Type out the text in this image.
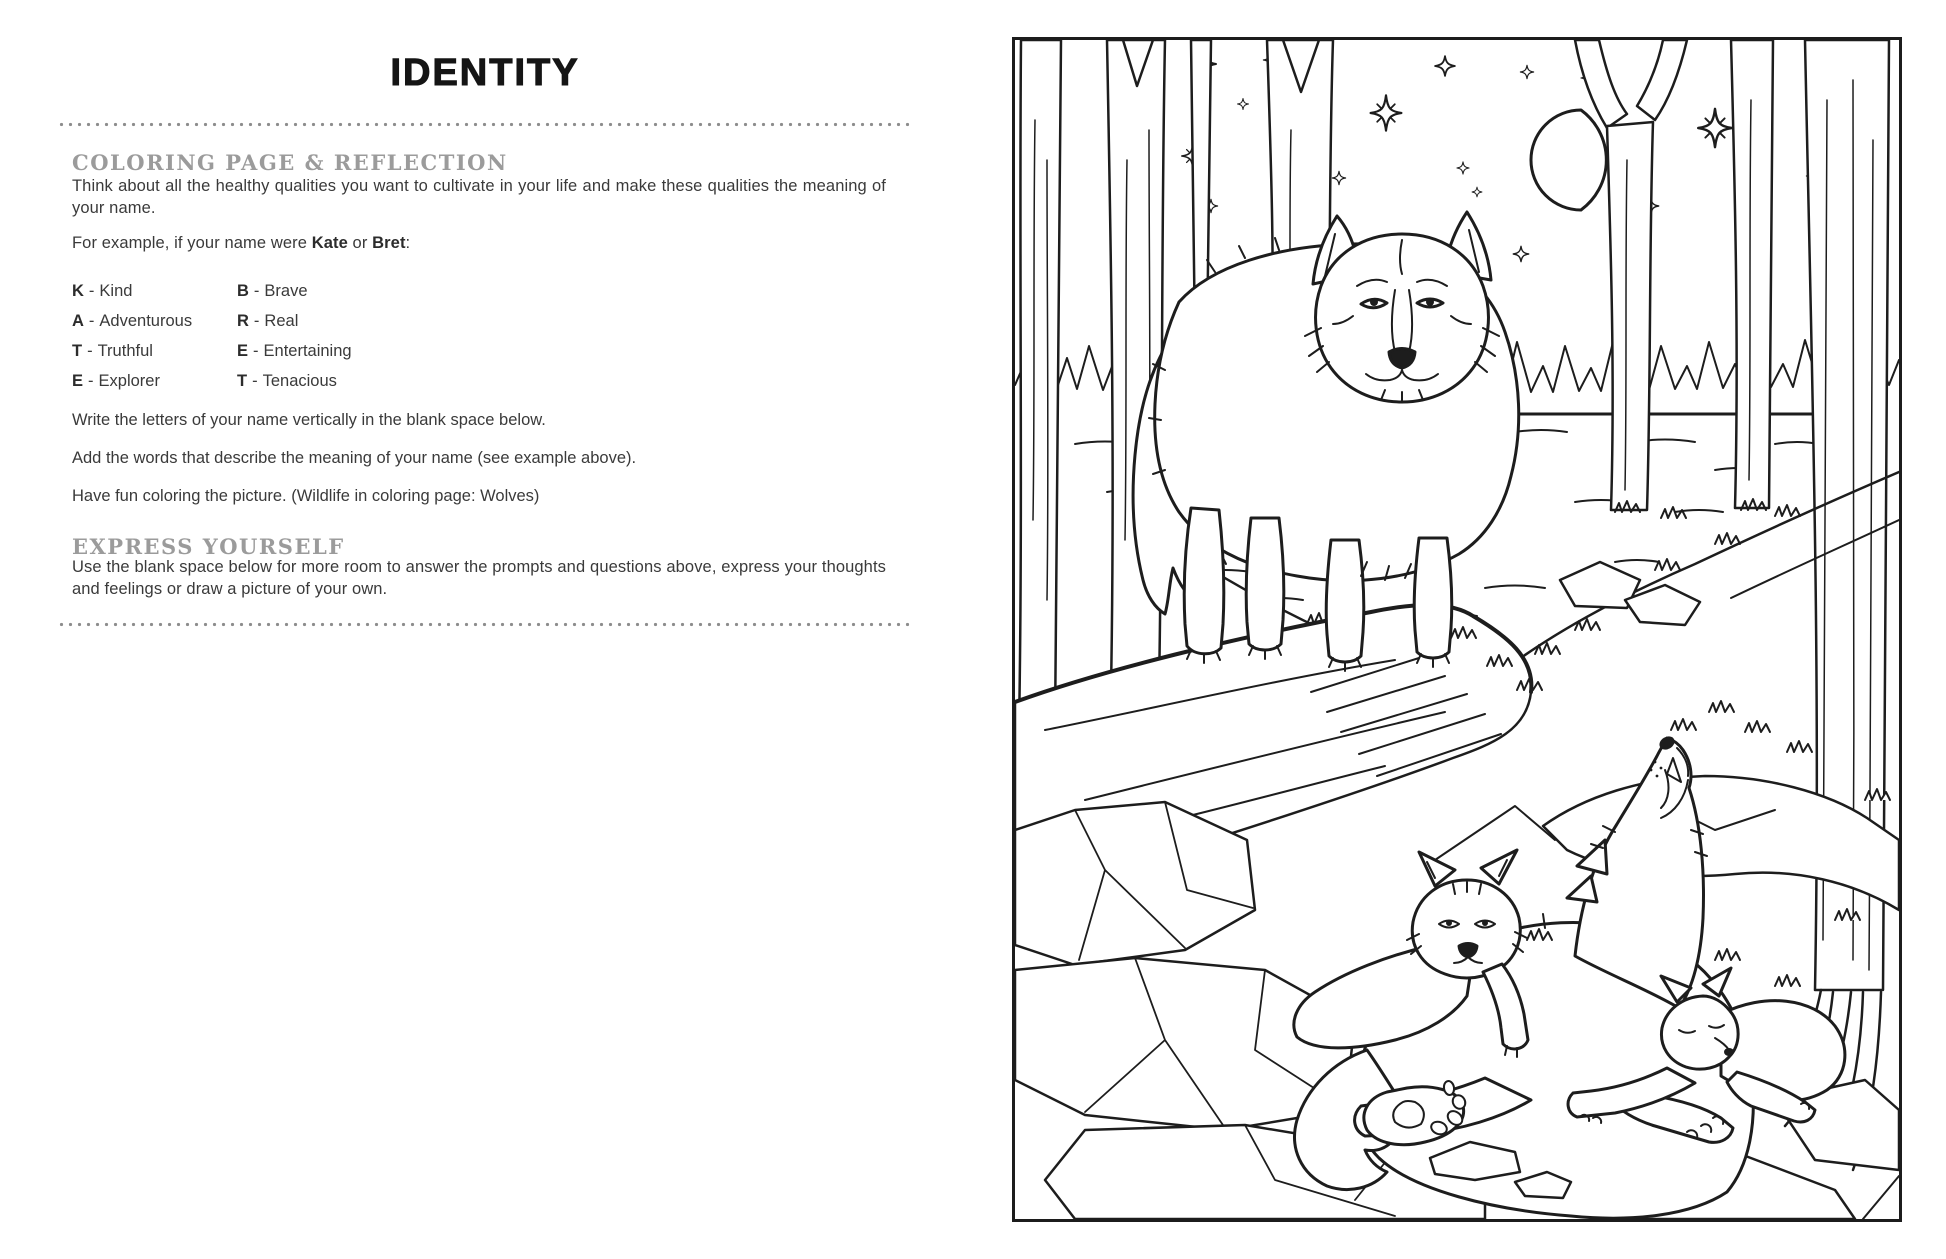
IDENTITY
COLORING PAGE & REFLECTION
Think about all the healthy qualities you want to cultivate in your life and make these qualities the meaning of your name.
For example, if your name were Kate or Bret:
K - Kind	B - Brave
A - Adventurous	R - Real
T - Truthful	E - Entertaining
E - Explorer	T - Tenacious
Write the letters of your name vertically in the blank space below.
Add the words that describe the meaning of your name (see example above).
Have fun coloring the picture. (Wildlife in coloring page: Wolves)
EXPRESS YOURSELF
Use the blank space below for more room to answer the prompts and questions above, express your thoughts and feelings or draw a picture of your own.
